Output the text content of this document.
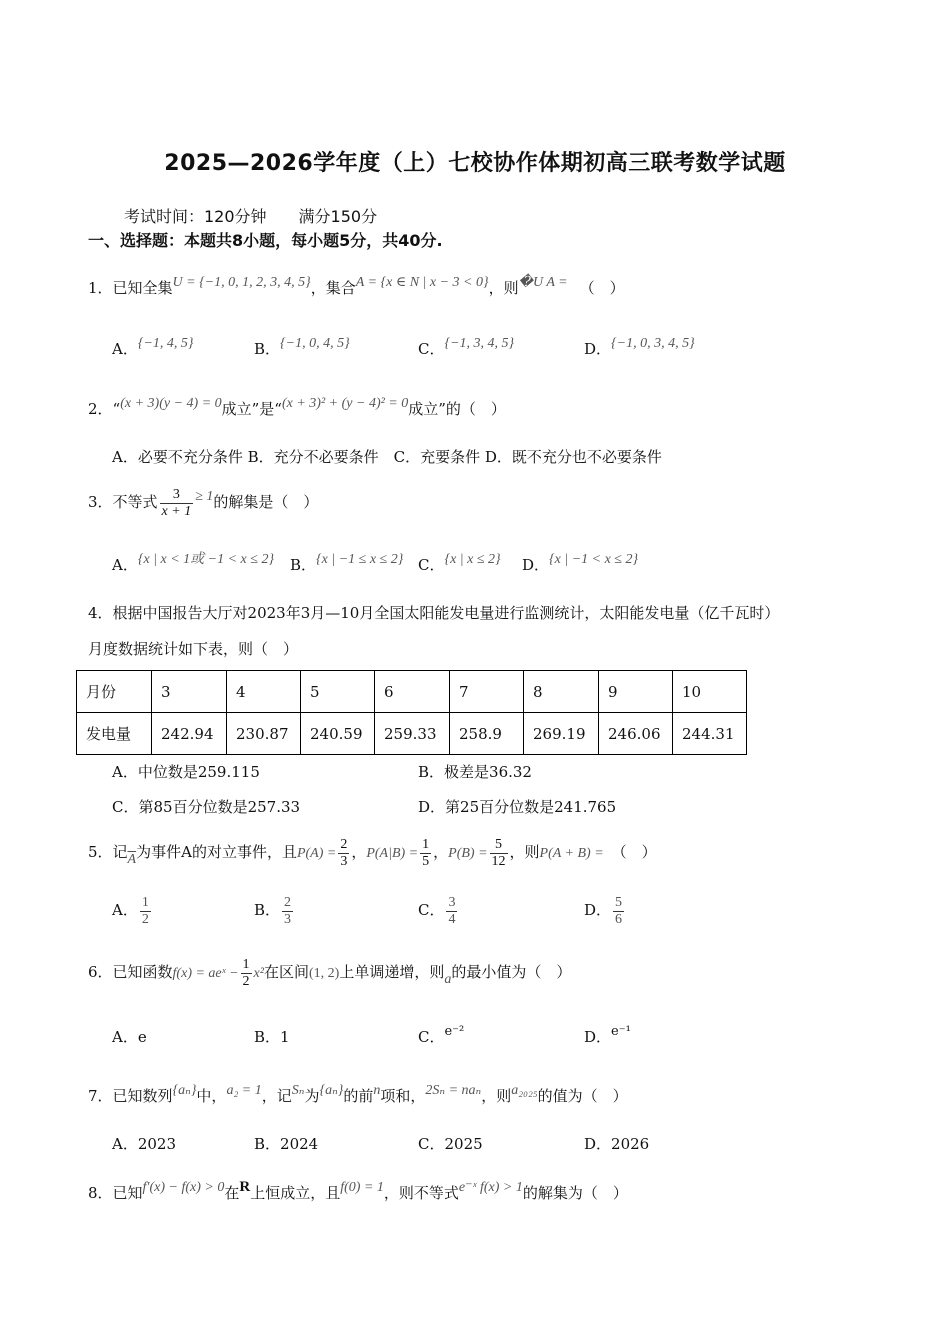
2025—2026学年度（上）七校协作体期初高三联考数学试题
考试时间：120分钟　　满分150分
一、选择题：本题共8小题，每小题5分，共40分.
1．已知全集U = {−1, 0, 1, 2, 3, 4, 5}，集合A = {x ∈ N | x − 3 < 0}，则�U A = （　）
A．{−1, 4, 5}	B．{−1, 0, 4, 5}	C．{−1, 3, 4, 5}	D．{−1, 0, 3, 4, 5}
2．“(x + 3)(y − 4) = 0成立”是“(x + 3)² + (y − 4)² = 0成立”的（　）
A．必要不充分条件 B．充分不必要条件　C．充要条件 D．既不充分也不必要条件
3．不等式 $\frac{3}{x + 1} \ge 1$的解集是（　）
A．{x | x < 1或 −1 < x ≤ 2} B．{x | −1 ≤ x ≤ 2} C．{x | x ≤ 2} D．{x | −1 < x ≤ 2}
4．根据中国报告大厅对2023年3月—10月全国太阳能发电量进行监测统计，太阳能发电量（亿千瓦时）
月度数据统计如下表，则（　）
月份	3	4	5	6	7	8	9	10
发电量	242.94	230.87	240.59	259.33	258.9	269.19	246.06	244.31
A．中位数是259.115	B．极差是36.32
C．第85百分位数是257.33	D．第25百分位数是241.765
5．记$\overline{A}$为事件A的对立事件，且$P(A) = \frac{2}{3}$ ，$P(A|B) = \frac{1}{5}$ ，$P(B) = \frac{5}{12}$ ，则P(A + B) = （　）
A． $\frac{1}{2}$	B． $\frac{2}{3}$	C． $\frac{3}{4}$	D． $\frac{5}{6}$
6．已知函数f(x) = aeˣ − $\frac{1}{2} x^2$在区间(1, 2)上单调递增，则a的最小值为（　）
A．e	B．1	C．e⁻²	D．e⁻¹
7．已知数列{aₙ}中，a₂ = 1，记Sₙ为{aₙ}的前n项和，2Sₙ = naₙ，则a₂₀₂₅的值为（　）
A．2023	B．2024	C．2025	D．2026
8．已知f′(x) − f(x) > 0在R上恒成立，且f(0) = 1，则不等式e⁻ˣ f(x) > 1的解集为（　）
